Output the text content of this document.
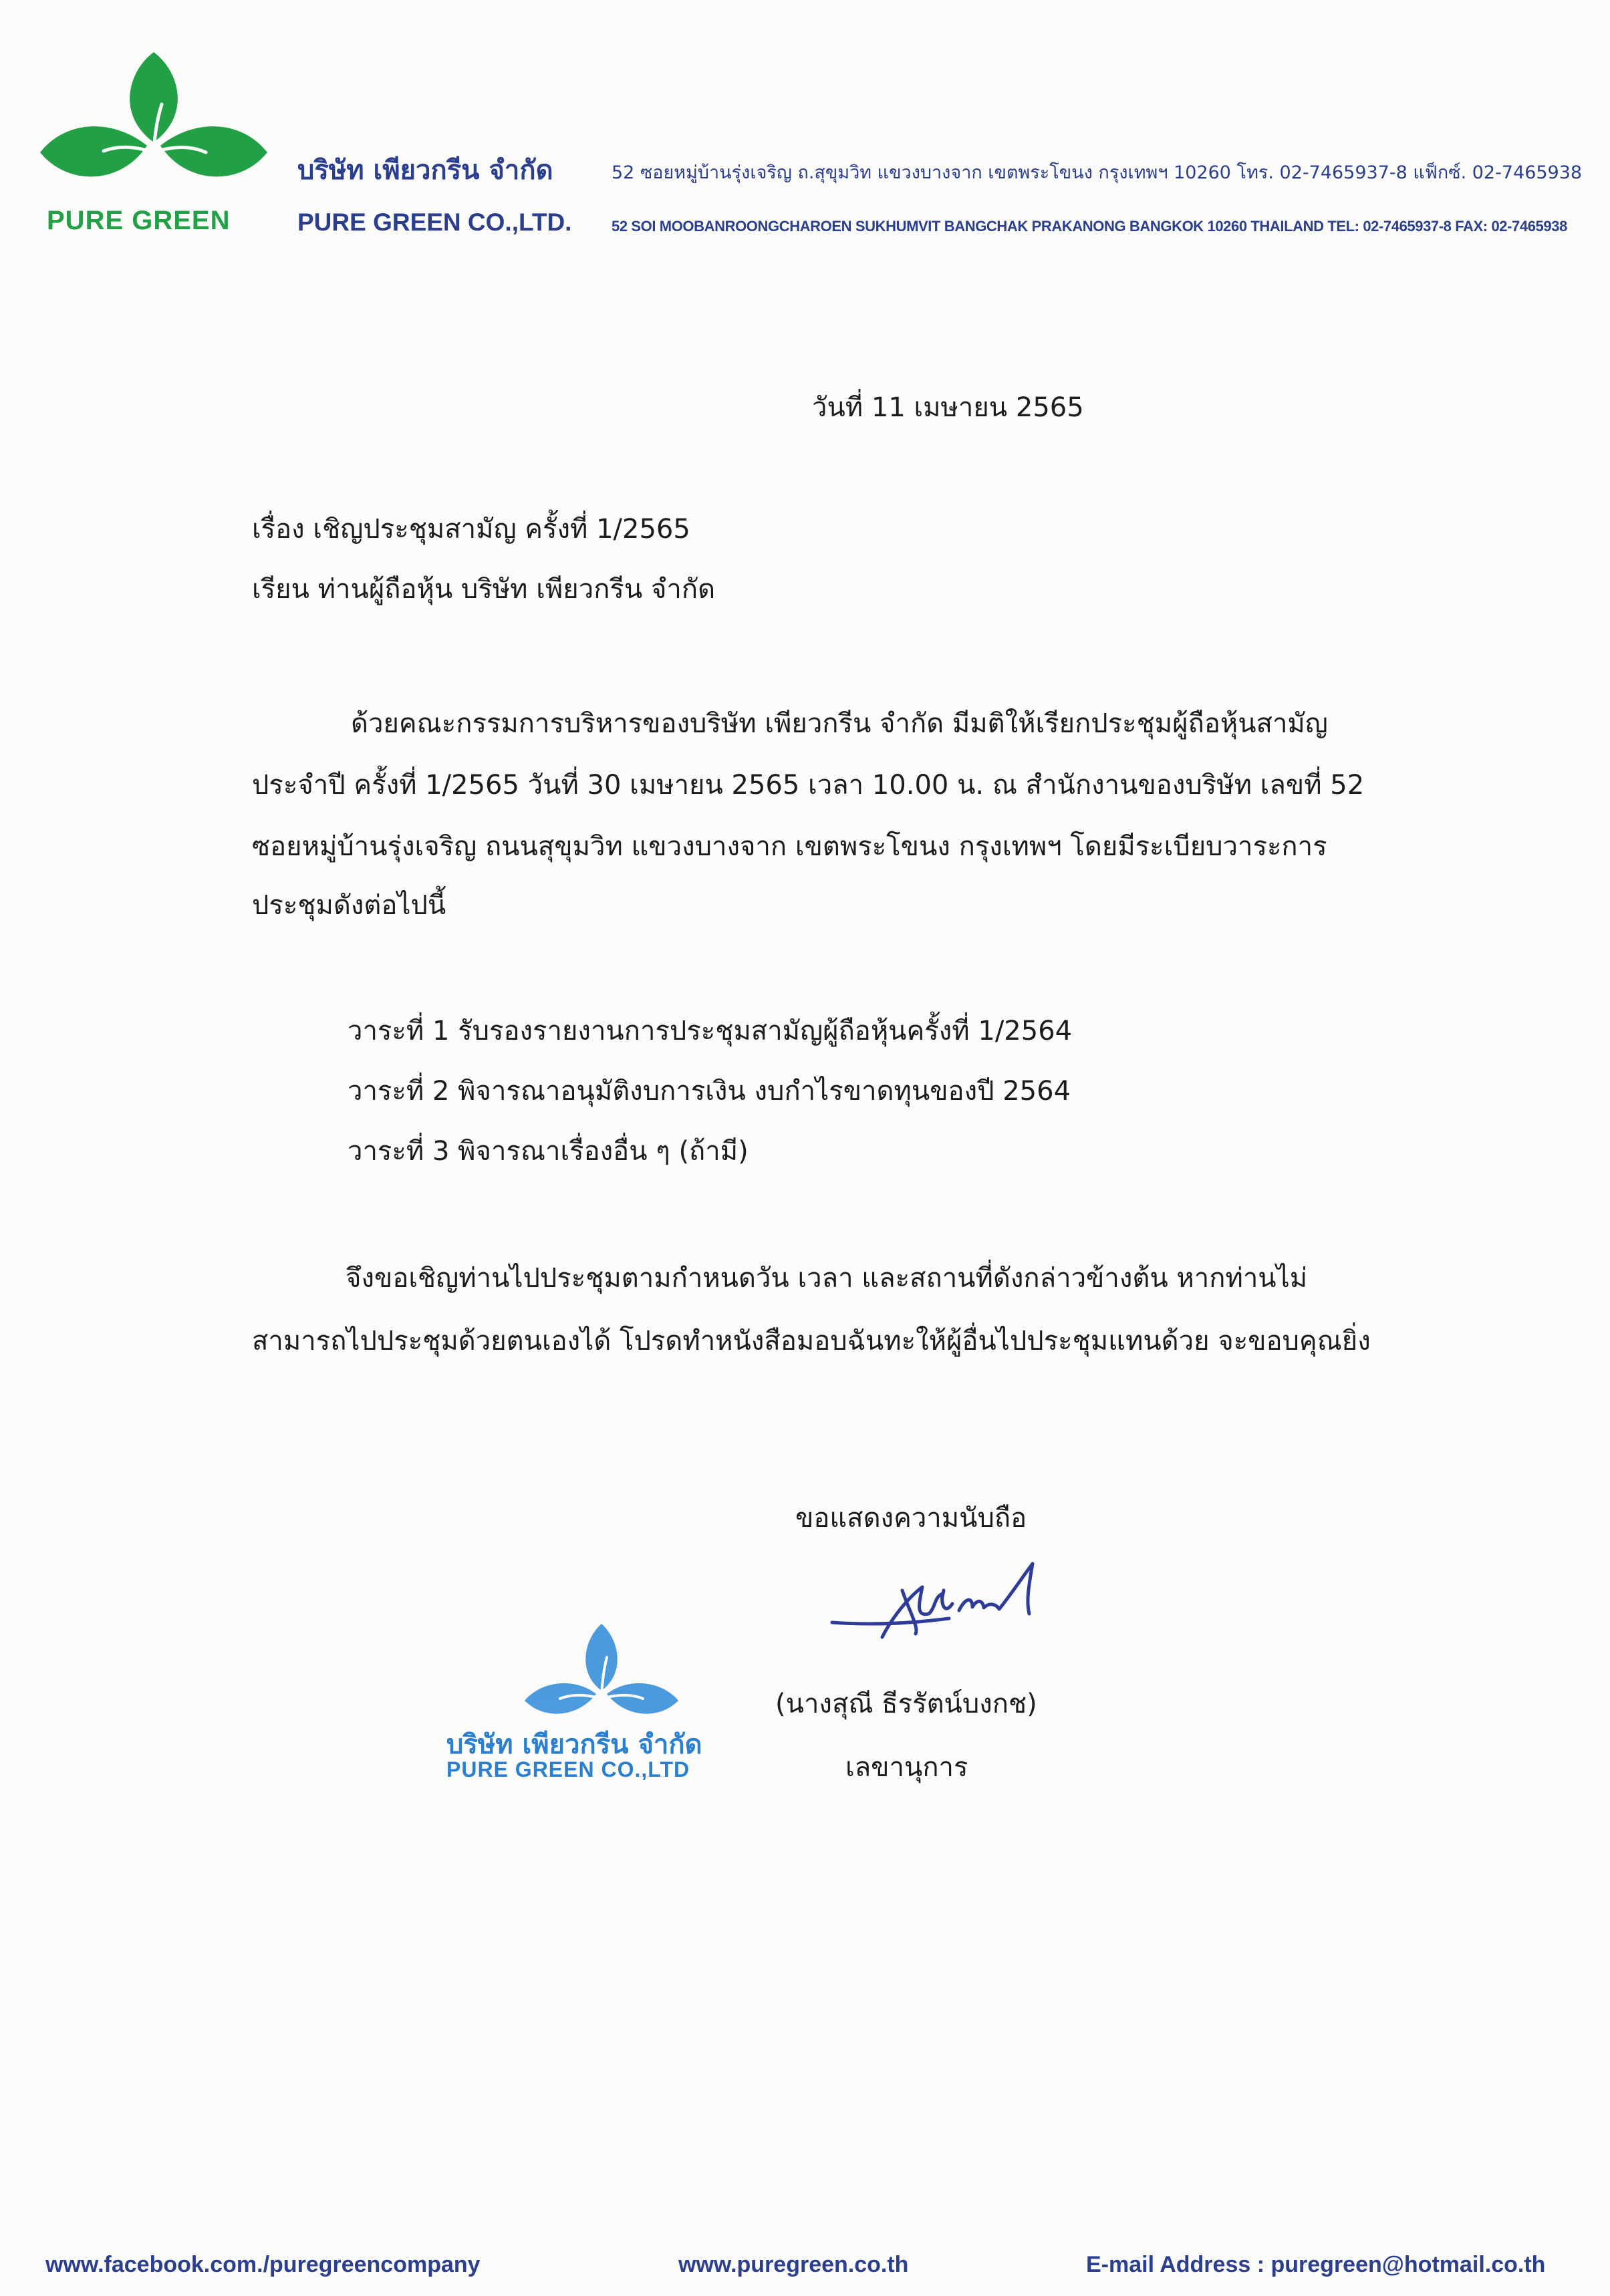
บริษัท เพียวกรีน จำกัด	52 ซอยหมู่บ้านรุ่งเจริญ ถ.สุขุมวิท แขวงบางจาก เขตพระโขนง กรุงเทพฯ 10260 โทร. 02-7465937-8 แฟ็กซ์. 02-7465938
PURE GREEN	PURE GREEN CO.,LTD.	52 SOI MOOBANROONGCHAROEN SUKHUMVIT BANGCHAK PRAKANONG BANGKOK 10260 THAILAND TEL: 02-7465937-8 FAX: 02-7465938
วันที่ 11 เมษายน 2565
เรื่อง เชิญประชุมสามัญ ครั้งที่ 1/2565
เรียน ท่านผู้ถือหุ้น บริษัท เพียวกรีน จำกัด
ด้วยคณะกรรมการบริหารของบริษัท เพียวกรีน จำกัด มีมติให้เรียกประชุมผู้ถือหุ้นสามัญ
ประจำปี ครั้งที่ 1/2565 วันที่ 30 เมษายน 2565 เวลา 10.00 น. ณ สำนักงานของบริษัท เลขที่ 52
ซอยหมู่บ้านรุ่งเจริญ ถนนสุขุมวิท แขวงบางจาก เขตพระโขนง กรุงเทพฯ โดยมีระเบียบวาระการ
ประชุมดังต่อไปนี้
วาระที่ 1 รับรองรายงานการประชุมสามัญผู้ถือหุ้นครั้งที่ 1/2564
วาระที่ 2 พิจารณาอนุมัติงบการเงิน งบกำไรขาดทุนของปี 2564
วาระที่ 3 พิจารณาเรื่องอื่น ๆ (ถ้ามี)
จึงขอเชิญท่านไปประชุมตามกำหนดวัน เวลา และสถานที่ดังกล่าวข้างต้น หากท่านไม่
สามารถไปประชุมด้วยตนเองได้ โปรดทำหนังสือมอบฉันทะให้ผู้อื่นไปประชุมแทนด้วย จะขอบคุณยิ่ง
ขอแสดงความนับถือ
(นางสุณี ธีรรัตน์บงกช)
เลขานุการ
บริษัท เพียวกรีน จำกัด
PURE GREEN CO.,LTD
www.facebook.com./puregreencompany	www.puregreen.co.th	E-mail Address : puregreen@hotmail.co.th
